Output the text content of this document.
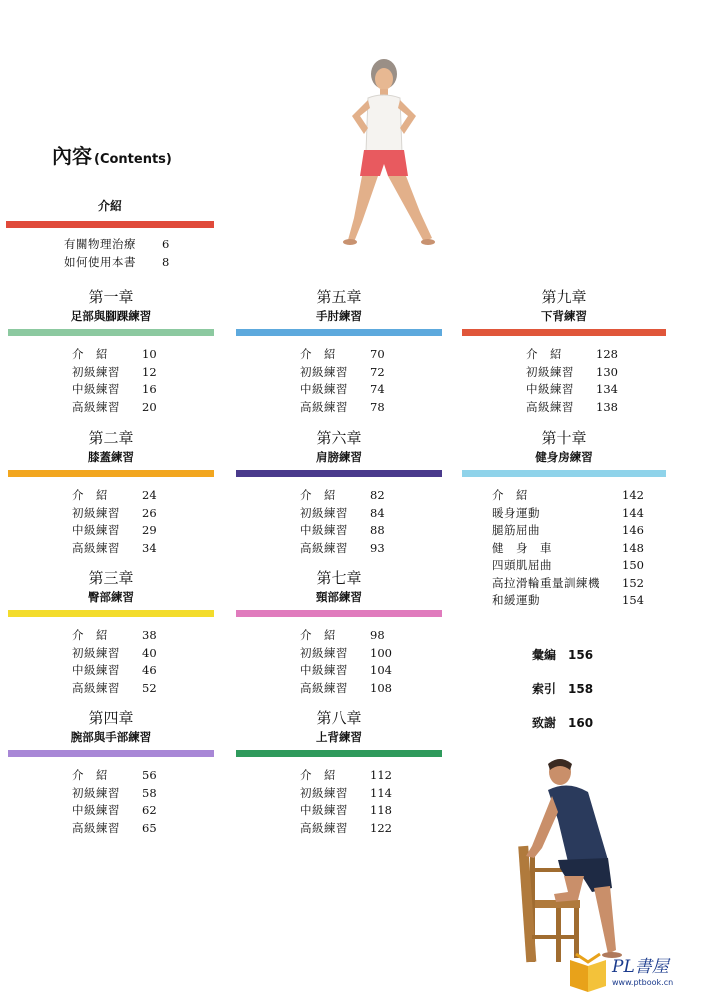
內容 (Contents)
介紹
有關物理治療	6
如何使用本書	8
第一章
足部與腳踝練習
介　紹	10
初級練習	12
中級練習	16
高級練習	20
第二章
膝蓋練習
介　紹	24
初級練習	26
中級練習	29
高級練習	34
第三章
臀部練習
介　紹	38
初級練習	40
中級練習	46
高級練習	52
第四章
腕部與手部練習
介　紹	56
初級練習	58
中級練習	62
高級練習	65
第五章
手肘練習
介　紹	70
初級練習	72
中級練習	74
高級練習	78
第六章
肩膀練習
介　紹	82
初級練習	84
中級練習	88
高級練習	93
第七章
頸部練習
介　紹	98
初級練習	100
中級練習	104
高級練習	108
第八章
上背練習
介　紹	112
初級練習	114
中級練習	118
高級練習	122
第九章
下背練習
介　紹	128
初級練習	130
中級練習	134
高級練習	138
第十章
健身房練習
介　紹	142
暖身運動	144
腿筋屈曲	146
健　身　車	148
四頭肌屈曲	150
高拉滑輪重量訓練機	152
和緩運動	154
彙編 156
索引 158
致謝 160
PL書屋
www.ptbook.cn
